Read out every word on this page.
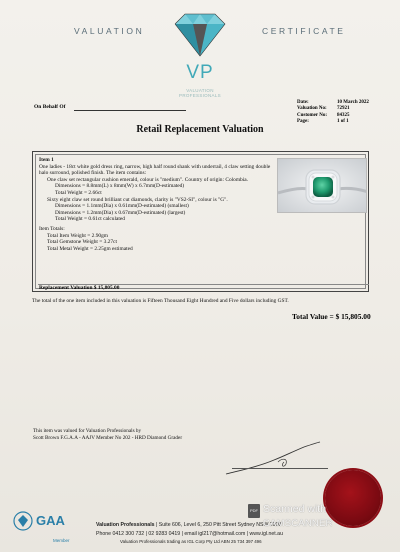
VALUATION	CERTIFICATE
VP
VALUATION PROFESSIONALS
On Behalf Of
Date:	10 March 2022
Valuation No:	72921
Customer No:	84325
Page:	1 of 1
Retail Replacement Valuation
Item 1
One ladies - 18ct white gold dress ring, narrow, high half round shank with underrail, 4 claw setting double halo surround, polished finish. The item contains:
One claw set rectangular cushion emerald, colour is "medium". Country of origin: Colombia.
Dimensions = 8.8mm(L) x 8mm(W) x 6.7mm(D-estimated)
Total Weight = 2.66ct
Sixty eight claw set round brilliant cut diamonds, clarity is "VS2-SI", colour is "G".
Dimensions = 1.1mm(Dia) x 0.61mm(D-estimated) (smallest)
Dimensions = 1.2mm(Dia) x 0.67mm(D-estimated) (largest)
Total Weight = 0.61ct calculated
Item Totals:
Total Item Weight = 2.90gm
Total Gemstone Weight = 3.27ct
Total Metal Weight = 2.25gm estimated
Replacement Valuation $ 15,805.00
The total of the one item included in this valuation is Fifteen Thousand Eight Hundred and Five dollars including GST.
Total Value = $ 15,805.00
This item was valued for Valuation Professionals by
Scott Brown F.G.A.A - AAJV Member No 202 - HRD Diamond Grader
GAA
Member
Valuation Professionals | Suite 606, Level 6, 250 Pitt Street Sydney NSW 2000
Phone 0412 300 732 | 02 9283 0419 | email igl217@hotmail.com | www.igl.net.au
Valuation Professionals trading as IGL Corp Pty Ltd ABN 25 734 397 496
PDF Scanned with
CAMSCANNER
